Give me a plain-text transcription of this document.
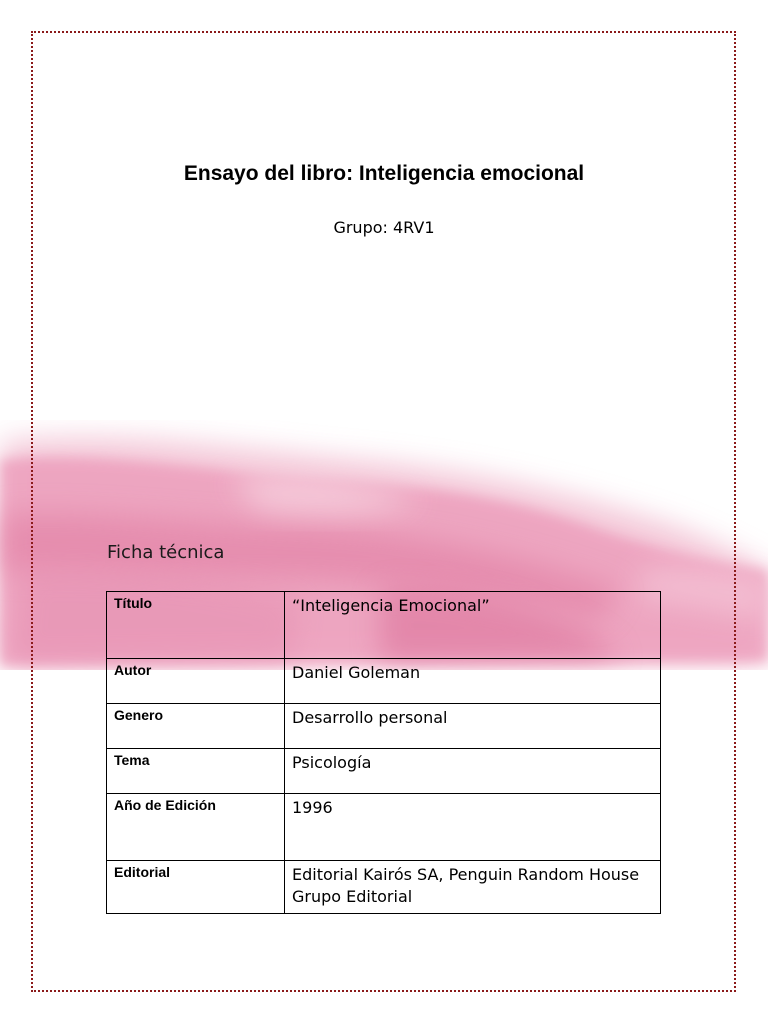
Ensayo del libro: Inteligencia emocional
Grupo: 4RV1
Ficha técnica
Título	“Inteligencia Emocional”
Autor	Daniel Goleman
Genero	Desarrollo personal
Tema	Psicología
Año de Edición	1996
Editorial	Editorial Kairós SA, Penguin Random House Grupo Editorial
